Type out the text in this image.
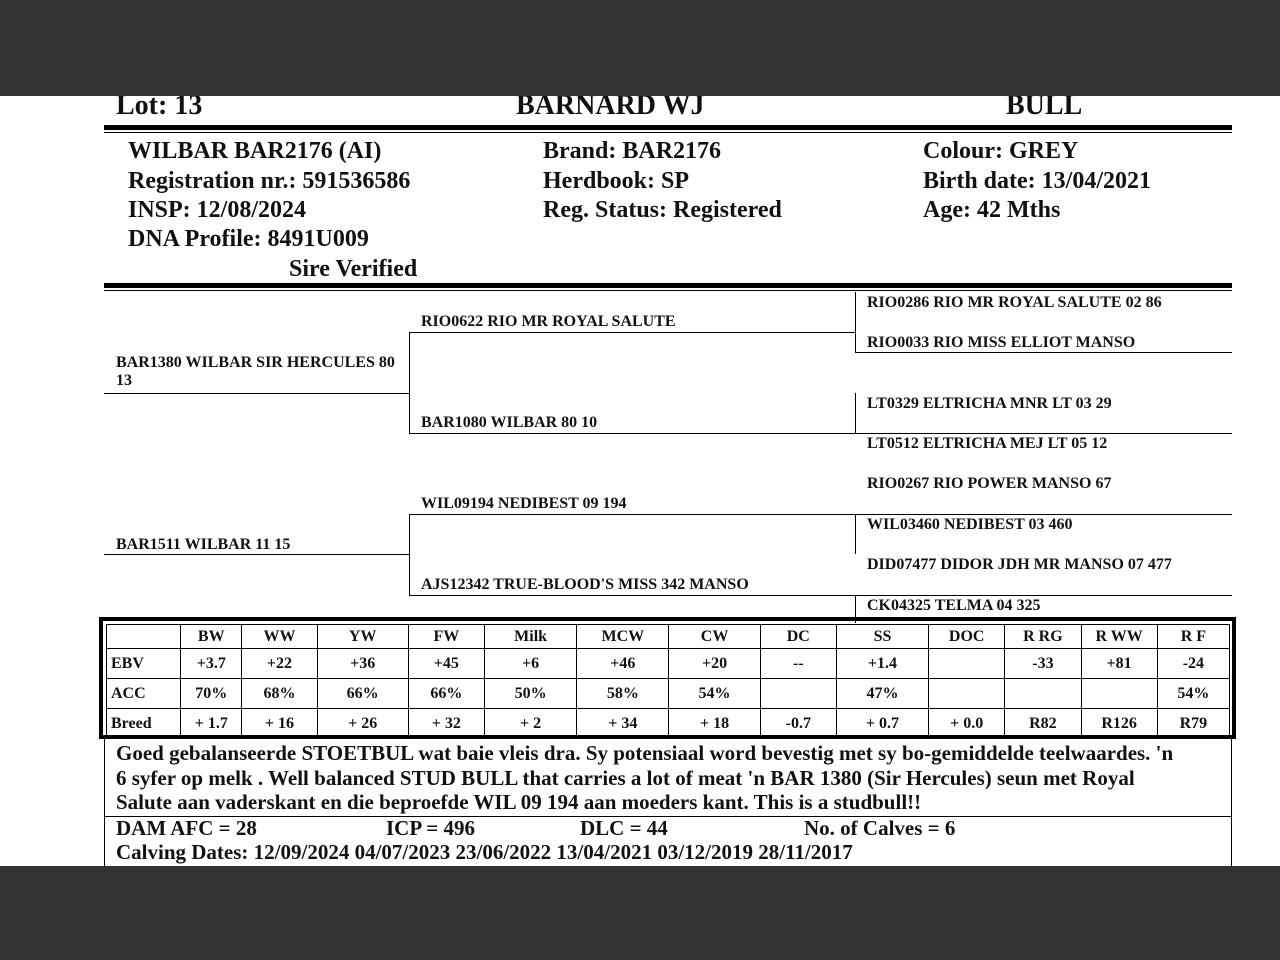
Lot: 13	BARNARD WJ	BULL
WILBAR BAR2176 (AI)
Registration nr.: 591536586
INSP: 12/08/2024
DNA Profile: 8491U009
Sire Verified
Brand: BAR2176
Herdbook: SP
Reg. Status: Registered
Colour: GREY
Birth date: 13/04/2021
Age: 42 Mths
BAR1380 WILBAR SIR HERCULES 80 13
BAR1511 WILBAR 11 15
RIO0622 RIO MR ROYAL SALUTE
BAR1080 WILBAR 80 10
WIL09194 NEDIBEST 09 194
AJS12342 TRUE-BLOOD'S MISS 342 MANSO
RIO0286 RIO MR ROYAL SALUTE 02 86
RIO0033 RIO MISS ELLIOT MANSO
LT0329 ELTRICHA MNR LT 03 29
LT0512 ELTRICHA MEJ LT 05 12
RIO0267 RIO POWER MANSO 67
WIL03460 NEDIBEST 03 460
DID07477 DIDOR JDH MR MANSO 07 477
CK04325 TELMA 04 325
	BW	WW	YW	FW	Milk	MCW	CW	DC	SS	DOC	R RG	R WW	R F
EBV	+3.7	+22	+36	+45	+6	+46	+20	--	+1.4		-33	+81	-24
ACC	70%	68%	66%	66%	50%	58%	54%		47%				54%
Breed	+ 1.7	+ 16	+ 26	+ 32	+ 2	+ 34	+ 18	-0.7	+ 0.7	+ 0.0	R82	R126	R79
Goed gebalanseerde STOETBUL wat baie vleis dra. Sy potensiaal word bevestig met sy bo-gemiddelde teelwaardes. 'n
6 syfer op melk . Well balanced STUD BULL that carries a lot of meat 'n BAR 1380 (Sir Hercules) seun met Royal
Salute aan vaderskant en die beproefde WIL 09 194 aan moeders kant. This is a studbull!!
DAM AFC = 28	ICP = 496	DLC = 44	No. of Calves = 6
Calving Dates: 12/09/2024 04/07/2023 23/06/2022 13/04/2021 03/12/2019 28/11/2017
